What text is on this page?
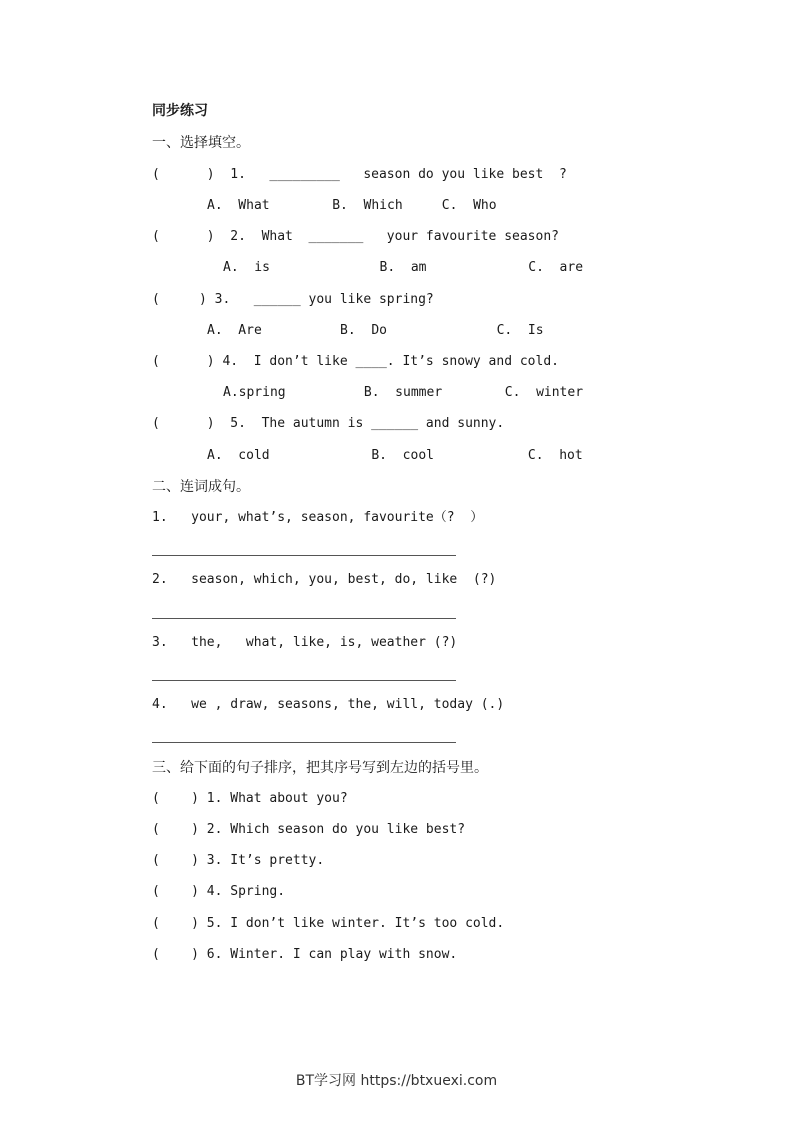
同步练习
一、选择填空。
(      )  1.   _________   season do you like best  ?
A.  What        B.  Which     C.  Who
(      )  2.  What  _______   your favourite season?
A.  is              B.  am             C.  are
(     ) 3.   ______ you like spring?
A.  Are          B.  Do              C.  Is
(      ) 4.  I don’t like ____. It’s snowy and cold.
A.spring          B.  summer        C.  winter
(      )  5.  The autumn is ______ and sunny.
A.  cold             B.  cool            C.  hot
二、连词成句。
1.   your, what’s, season, favourite（?  ）
2.   season, which, you, best, do, like  (?)
3.   the,   what, like, is, weather (?)
4.   we , draw, seasons, the, will, today (.)
三、给下面的句子排序，把其序号写到左边的括号里。
(    ) 1. What about you?
(    ) 2. Which season do you like best?
(    ) 3. It’s pretty.
(    ) 4. Spring.
(    ) 5. I don’t like winter. It’s too cold.
(    ) 6. Winter. I can play with snow.
BT学习网 https://btxuexi.com
